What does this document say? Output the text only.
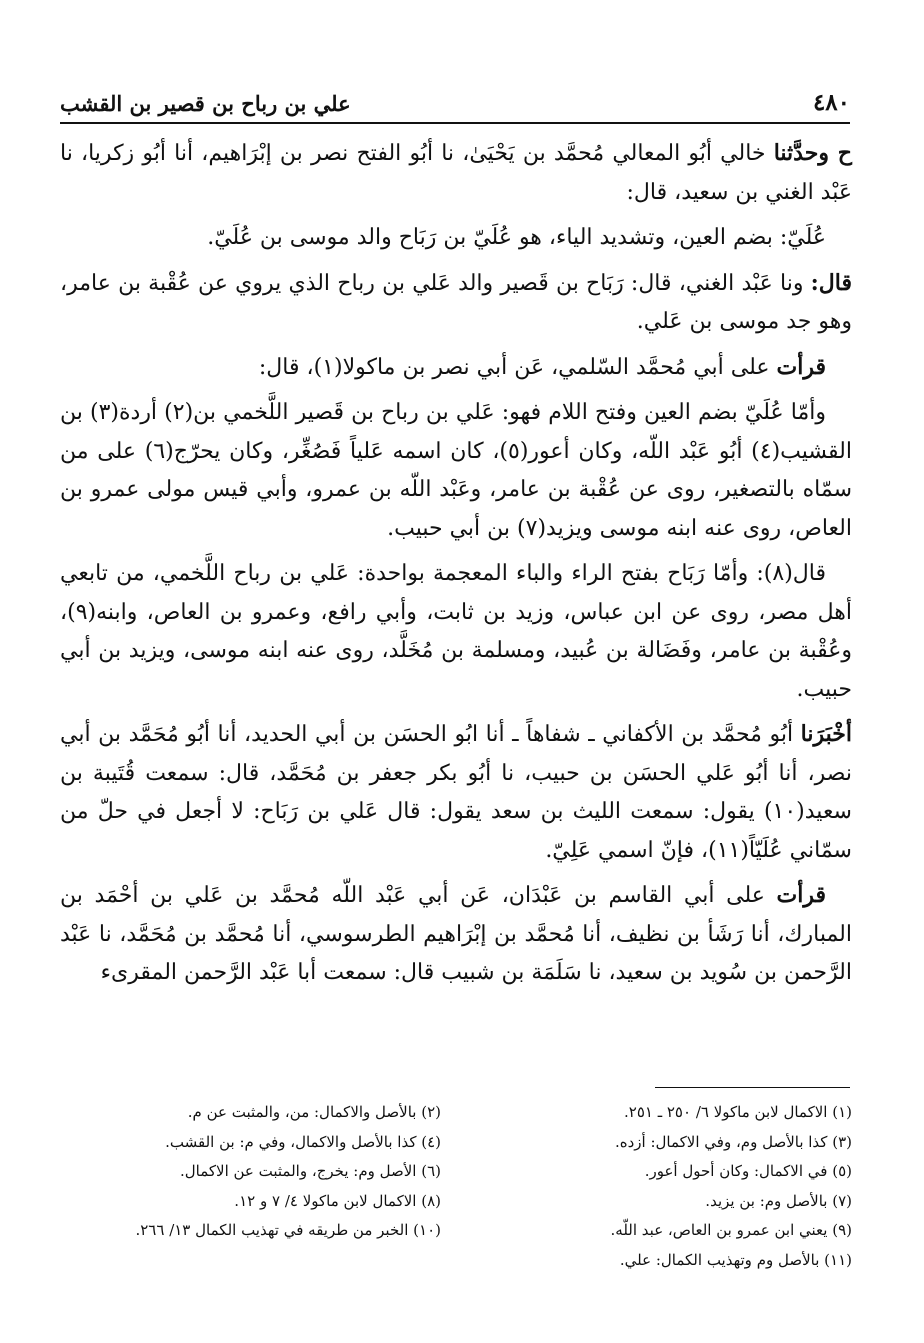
٤٨٠
علي بن رباح بن قصير بن القشب

ح وحدَّثنا خالي أبُو المعالي مُحمَّد بن يَحْيَىٰ، نا أبُو الفتح نصر بن إبْرَاهيم، أنا أبُو زكريا، نا عَبْد الغني بن سعيد، قال:

عُلَيّ: بضم العين، وتشديد الياء، هو عُلَيّ بن رَبَاح والد موسى بن عُلَيّ.

قال: ونا عَبْد الغني، قال: رَبَاح بن قَصير والد عَلي بن رباح الذي يروي عن عُقْبة بن عامر، وهو جد موسى بن عَلي.

قرأت على أبي مُحمَّد السّلمي، عَن أبي نصر بن ماكولا(١)، قال:

وأمّا عُلَيّ بضم العين وفتح اللام فهو: عَلي بن رباح بن قَصير اللَّخمي بن(٢) أردة(٣) بن القشيب(٤) أبُو عَبْد اللّه، وكان أعور(٥)، كان اسمه عَلياً فَصُغِّر، وكان يحرّج(٦) على من سمّاه بالتصغير، روى عن عُقْبة بن عامر، وعَبْد اللّه بن عمرو، وأبي قيس مولى عمرو بن العاص، روى عنه ابنه موسى ويزيد(٧) بن أبي حبيب.

قال(٨): وأمّا رَبَاح بفتح الراء والباء المعجمة بواحدة: عَلي بن رباح اللَّخمي، من تابعي أهل مصر، روى عن ابن عباس، وزيد بن ثابت، وأبي رافع، وعمرو بن العاص، وابنه(٩)، وعُقْبة بن عامر، وفَضَالة بن عُبيد، ومسلمة بن مُخَلَّد، روى عنه ابنه موسى، ويزيد بن أبي حبيب.

أخْبَرَنا أبُو مُحمَّد بن الأكفاني ـ شفاهاً ـ أنا ابُو الحسَن بن أبي الحديد، أنا أبُو مُحَمَّد بن أبي نصر، أنا أبُو عَلي الحسَن بن حبيب، نا أبُو بكر جعفر بن مُحَمَّد، قال: سمعت قُتَيبة بن سعيد(١٠) يقول: سمعت الليث بن سعد يقول: قال عَلي بن رَبَاح: لا أجعل في حلّ من سمّاني عُلَيّاً(١١)، فإنّ اسمي عَلِيّ.

قرأت على أبي القاسم بن عَبْدَان، عَن أبي عَبْد اللّه مُحمَّد بن عَلي بن أحْمَد بن المبارك، أنا رَشَأ بن نظيف، أنا مُحمَّد بن إبْرَاهيم الطرسوسي، أنا مُحمَّد بن مُحَمَّد، نا عَبْد الرَّحمن بن سُويد بن سعيد، نا سَلَمَة بن شبيب قال: سمعت أبا عَبْد الرَّحمن المقرىء

(١) الاكمال لابن ماكولا ٦/ ٢٥٠ ـ ٢٥١.
(٢) بالأصل والاكمال: من، والمثبت عن م.
(٣) كذا بالأصل وم، وفي الاكمال: أزده.
(٤) كذا بالأصل والاكمال، وفي م: بن القشب.
(٥) في الاكمال: وكان أحول أعور.
(٦) الأصل وم: يخرج، والمثبت عن الاكمال.
(٧) بالأصل وم: بن يزيد.
(٨) الاكمال لابن ماكولا ٤/ ٧ و ١٢.
(٩) يعني ابن عمرو بن العاص، عبد اللّه.
(١٠) الخبر من طريقه في تهذيب الكمال ١٣/ ٢٦٦.
(١١) بالأصل وم وتهذيب الكمال: علي.
